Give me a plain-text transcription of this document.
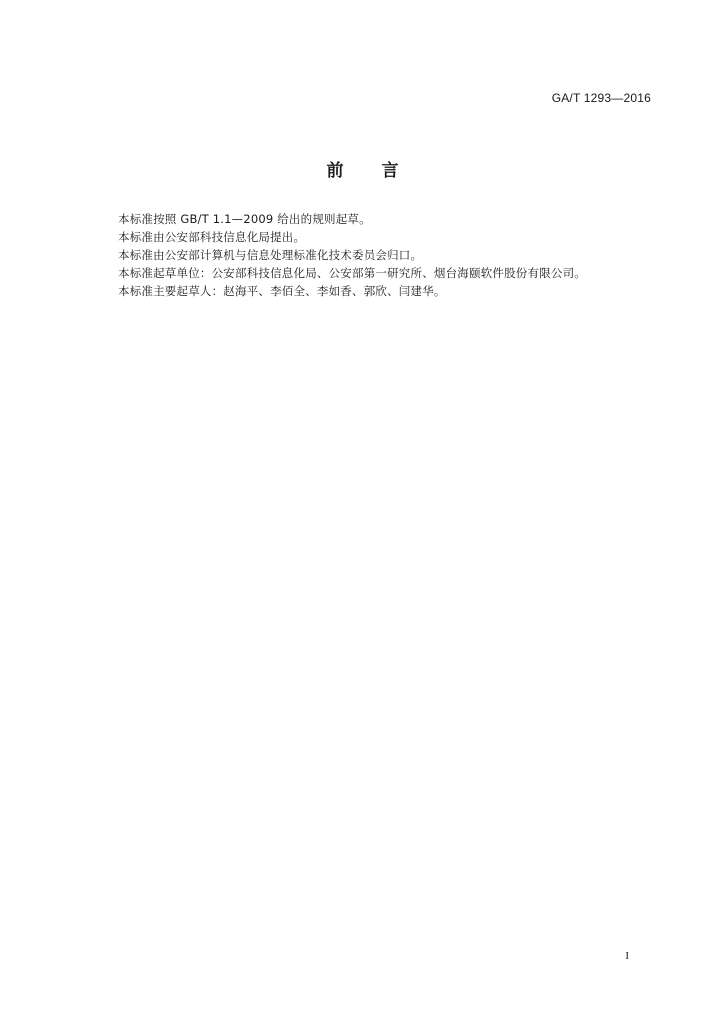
GA/T 1293—2016
前 言
本标准按照 GB/T 1.1—2009 给出的规则起草。
本标准由公安部科技信息化局提出。
本标准由公安部计算机与信息处理标准化技术委员会归口。
本标准起草单位：公安部科技信息化局、公安部第一研究所、烟台海颐软件股份有限公司。
本标准主要起草人：赵海平、李佰全、李如香、郭欣、闫建华。
I
